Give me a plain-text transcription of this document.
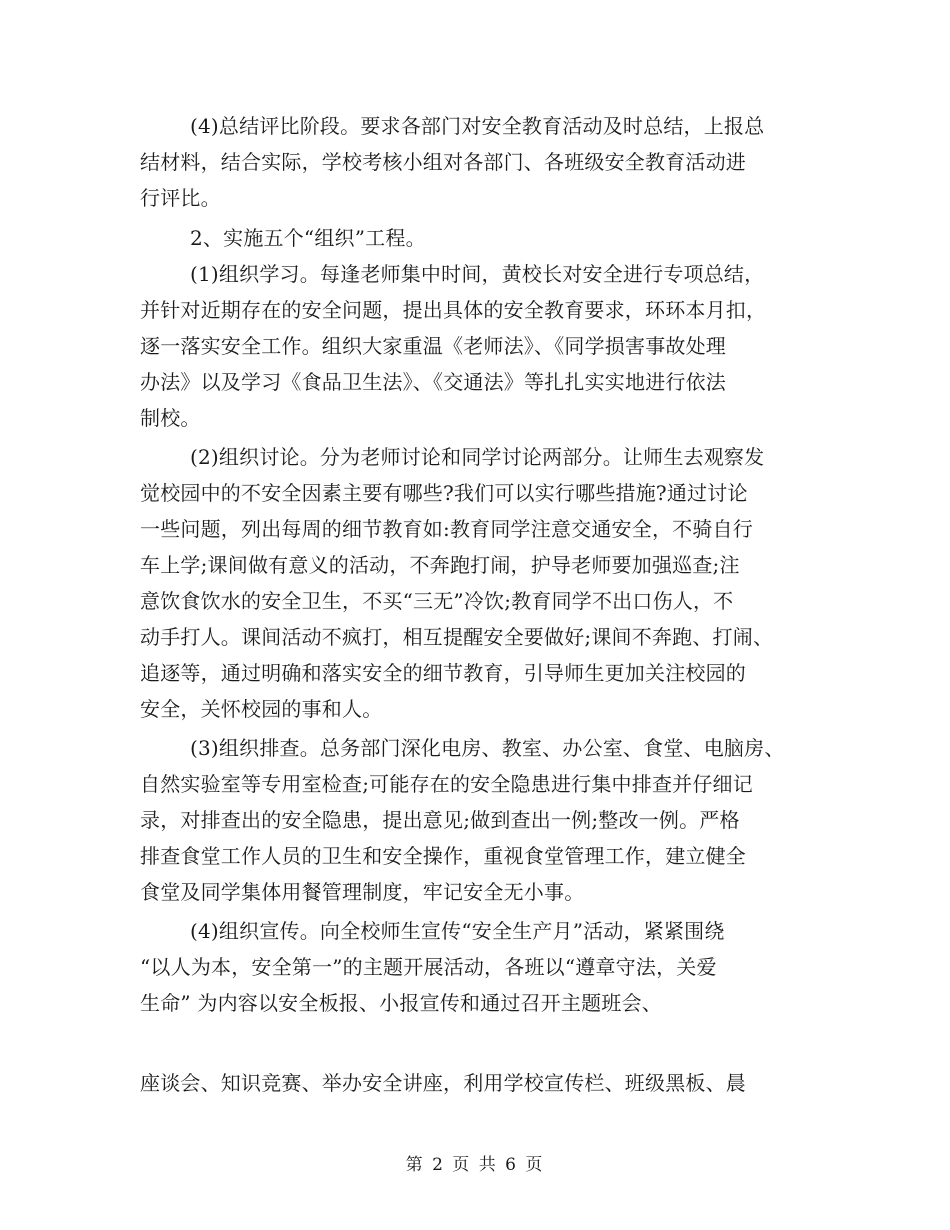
(4)总结评比阶段。要求各部门对安全教育活动及时总结，上报总
结材料，结合实际，学校考核小组对各部门、各班级安全教育活动进
行评比。
2、实施五个“组织”工程。
(1)组织学习。每逢老师集中时间，黄校长对安全进行专项总结，
并针对近期存在的安全问题，提出具体的安全教育要求，环环本月扣，
逐一落实安全工作。组织大家重温《老师法》、《同学损害事故处理
办法》以及学习《食品卫生法》、《交通法》等扎扎实实地进行依法
制校。
(2)组织讨论。分为老师讨论和同学讨论两部分。让师生去观察发
觉校园中的不安全因素主要有哪些?我们可以实行哪些措施?通过讨论
一些问题，列出每周的细节教育如:教育同学注意交通安全，不骑自行
车上学;课间做有意义的活动，不奔跑打闹，护导老师要加强巡查;注
意饮食饮水的安全卫生，不买“三无”冷饮;教育同学不出口伤人，不
动手打人。课间活动不疯打，相互提醒安全要做好;课间不奔跑、打闹、
追逐等，通过明确和落实安全的细节教育，引导师生更加关注校园的
安全，关怀校园的事和人。
(3)组织排查。总务部门深化电房、教室、办公室、食堂、电脑房、
自然实验室等专用室检查;可能存在的安全隐患进行集中排查并仔细记
录，对排查出的安全隐患，提出意见;做到查出一例;整改一例。严格
排查食堂工作人员的卫生和安全操作，重视食堂管理工作，建立健全
食堂及同学集体用餐管理制度，牢记安全无小事。
(4)组织宣传。向全校师生宣传“安全生产月”活动，紧紧围绕
“以人为本，安全第一”的主题开展活动，各班以“遵章守法，关爱
生命” 为内容以安全板报、小报宣传和通过召开主题班会、
座谈会、知识竞赛、举办安全讲座，利用学校宣传栏、班级黑板、晨
第 2 页 共 6 页
